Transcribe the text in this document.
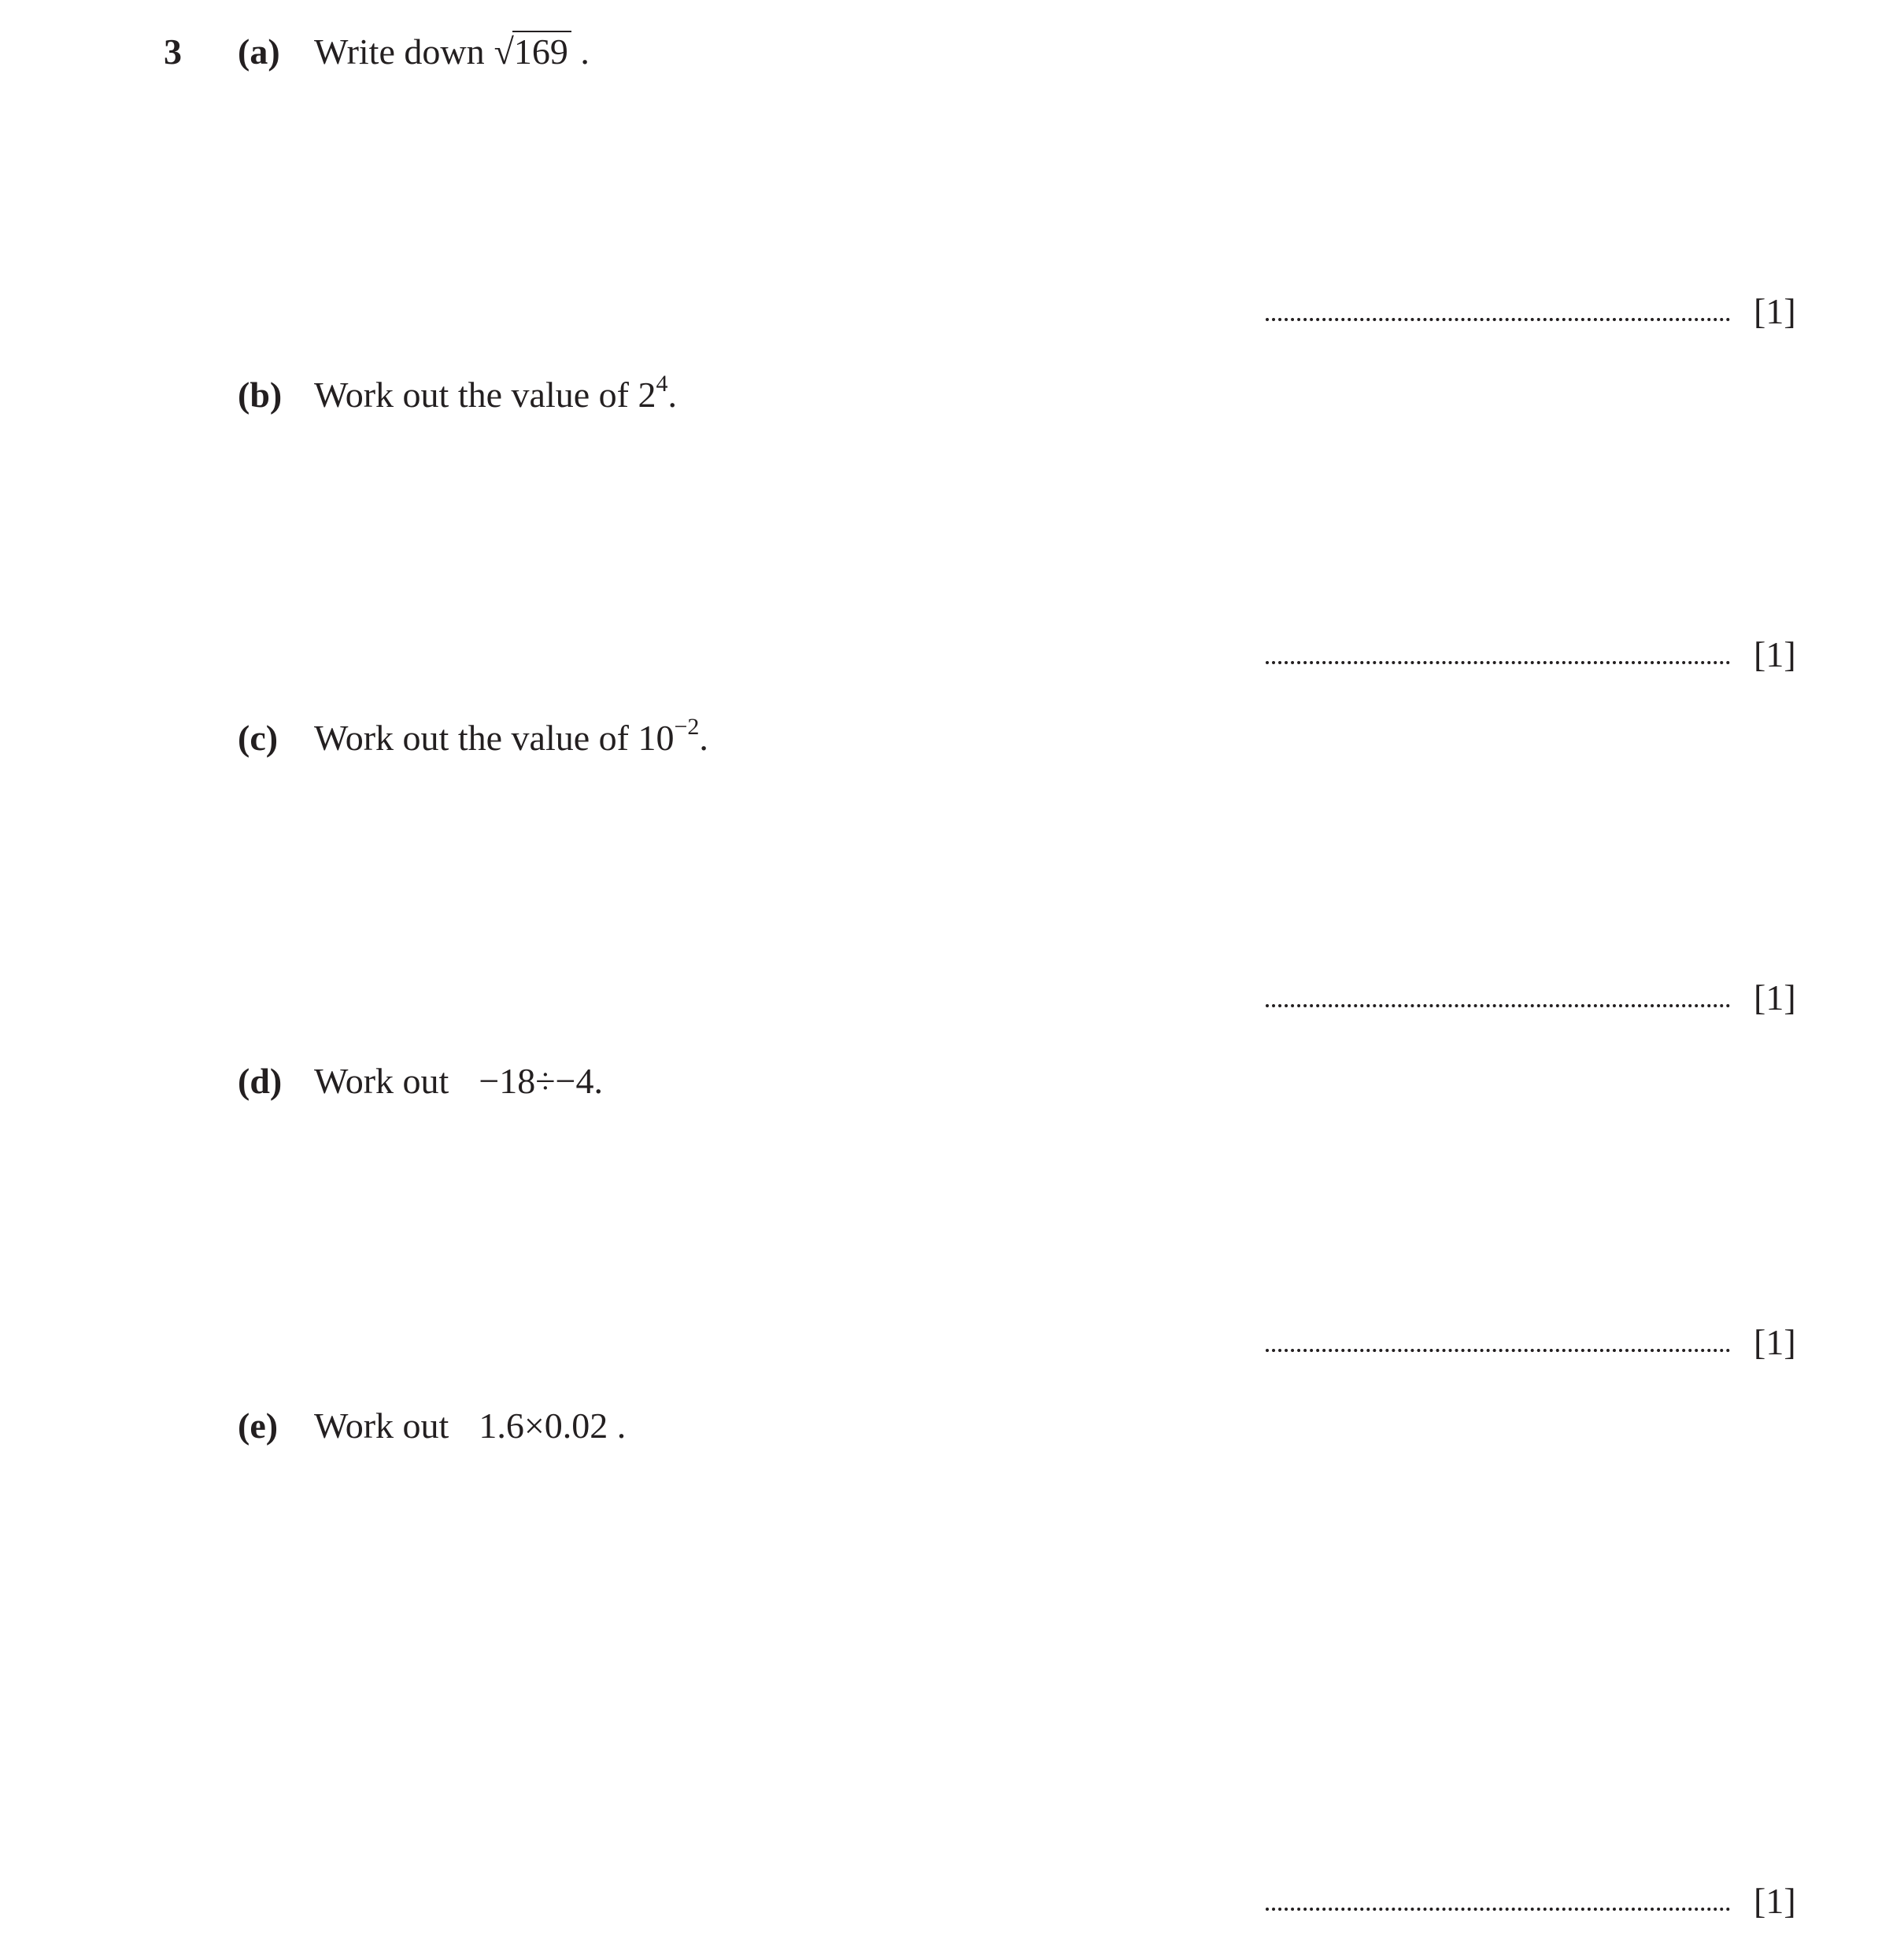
3 (a) Write down √169 .
[1]
(b) Work out the value of $2^4$.
[1]
(c) Work out the value of $10^{-2}$.
[1]
(d) Work out −18÷−4.
[1]
(e) Work out 1.6×0.02 .
[1]
